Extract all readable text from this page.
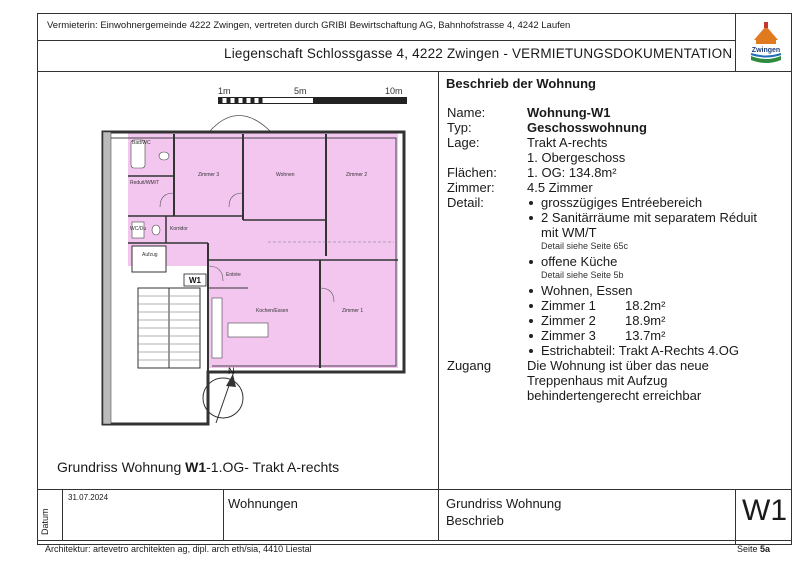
Vermieterin: Einwohnergemeinde 4222 Zwingen, vertreten durch GRIBI Bewirtschaftung AG, Bahnhofstrasse 4, 4242 Laufen
Liegenschaft Schlossgasse 4, 4222 Zwingen - VERMIETUNGSDOKUMENTATION	Zwingen
1m	5m	10m
Bad/WC
Zimmer 3	Wohnen	Zimmer 2
Reduit/WM/T
WC/Du	Korridor
Aufzug
Entrée
Kochen/Essen	Zimmer 1
W1
N
Grundriss Wohnung W1-1.OG- Trakt A-rechts
Beschrieb der Wohnung
Name:	Wohnung-W1
Typ:	Geschosswohnung
Lage:	Trakt A-rechts
1. Obergeschoss
Flächen: 1. OG: 134.8m²
Zimmer: 4.5 Zimmer
Detail:	grosszügiges Entréebereich
2 Sanitärräume mit separatem Réduit
mit WM/T
Detail siehe Seite 65c
offene Küche
Detail siehe Seite 5b
Wohnen, Essen
Zimmer 1 18.2m²
Zimmer 2 18.9m²
Zimmer 3 13.7m²
Estrichabteil: Trakt A-Rechts 4.OG
Zugang	Die Wohnung ist über das neue
Treppenhaus mit Aufzug
behindertengerecht erreichbar
Datum
31.07.2024	Wohnungen	Grundriss Wohnung
Beschrieb	W1
Architektur: artevetro architekten ag, dipl. arch eth/sia, 4410 Liestal	Seite 5a
